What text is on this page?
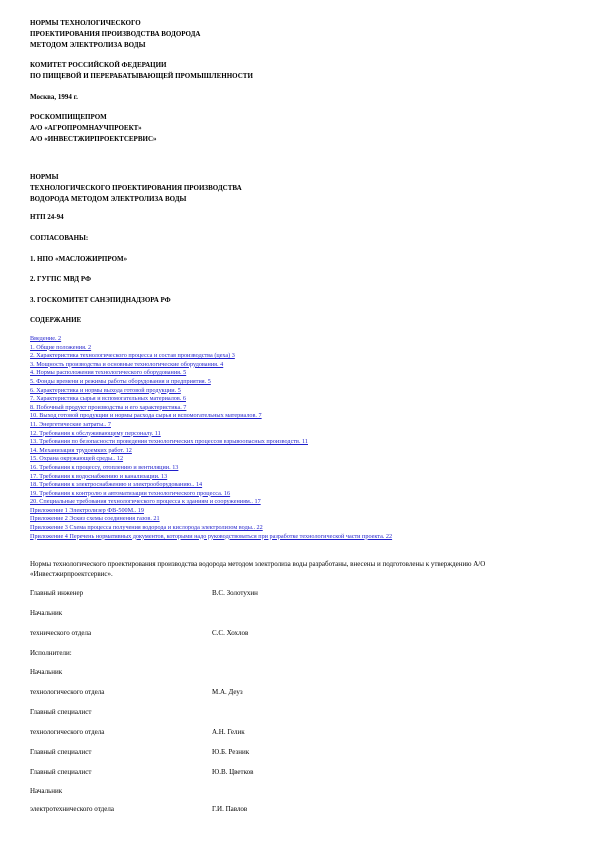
НОРМЫ ТЕХНОЛОГИЧЕСКОГО
ПРОЕКТИРОВАНИЯ ПРОИЗВОДСТВА ВОДОРОДА
МЕТОДОМ ЭЛЕКТРОЛИЗА ВОДЫ
КОМИТЕТ РОССИЙСКОЙ ФЕДЕРАЦИИ
ПО ПИЩЕВОЙ И ПЕРЕРАБАТЫВАЮЩЕЙ ПРОМЫШЛЕННОСТИ
Москва, 1994 г.
РОСКОМПИЩЕПРОМ
А/О «АГРОПРОМНАУЧПРОЕКТ»
А/О «ИНВЕСТЖИРПРОЕКТСЕРВИС»
НОРМЫ
ТЕХНОЛОГИЧЕСКОГО ПРОЕКТИРОВАНИЯ ПРОИЗВОДСТВА
ВОДОРОДА МЕТОДОМ ЭЛЕКТРОЛИЗА ВОДЫ
НТП 24-94
СОГЛАСОВАНЫ:
1. НПО «МАСЛОЖИРПРОМ»
2. ГУГПС МВД РФ
3. ГОСКОМИТЕТ САНЭПИДНАДЗОРА РФ
СОДЕРЖАНИЕ
Введение. 2
1. Общие положения. 2
2. Характеристика технологического процесса и состав производства (цеха) 3
3. Мощность производства и основные технологические оборудования. 4
4. Нормы расположения технологического оборудования. 5
5. Фонды времени и режимы работы оборудования и предприятия. 5
6. Характеристика и нормы выхода готовой продукции. 5
7. Характеристика сырья и вспомогательных материалов. 6
8. Побочный продукт производства и его характеристика. 7
10. Выход готовой продукции и нормы расхода сырья и вспомогательных материалов. 7
11. Энергетические затраты.. 7
12. Требования к обслуживающему персоналу. 11
13. Требования по безопасности проведения технологических процессов взрывоопасных производств. 11
14. Механизация трудоемких работ. 12
15. Охрана окружающей среды.. 12
16. Требования к процессу, отоплению и вентиляции. 13
17. Требования к водоснабжению и канализации. 13
18. Требования к электроснабжению и электрооборудованию.. 14
19. Требования к контролю и автоматизации технологического процесса. 16
20. Специальные требования технологического процесса к зданиям и сооружениям.. 17
Приложение 1 Электролизер ФВ-500М.. 19
Приложение 2 Эскиз схемы соединения газов. 21
Приложение 3 Схема процесса получения водорода и кислорода электролизом воды.. 22
Приложение 4 Перечень нормативных документов, которыми надо руководствоваться при разработке технологической части проекта. 22
Нормы технологического проектирования производства водорода методом электролиза воды разработаны, внесены и подготовлены к утверждению А/О «Инвестжирпроектсервис».
Главный инженер	В.С. Золотухин
Начальник
технического отдела	С.С. Хохлов
Исполнители:
Начальник
технологического отдела	М.А. Деуз
Главный специалист
технологического отдела	А.Н. Гелик
Главный специалист	Ю.Б. Резник
Главный специалист	Ю.В. Цветков
Начальник
электротехнического отдела	Г.И. Павлов
